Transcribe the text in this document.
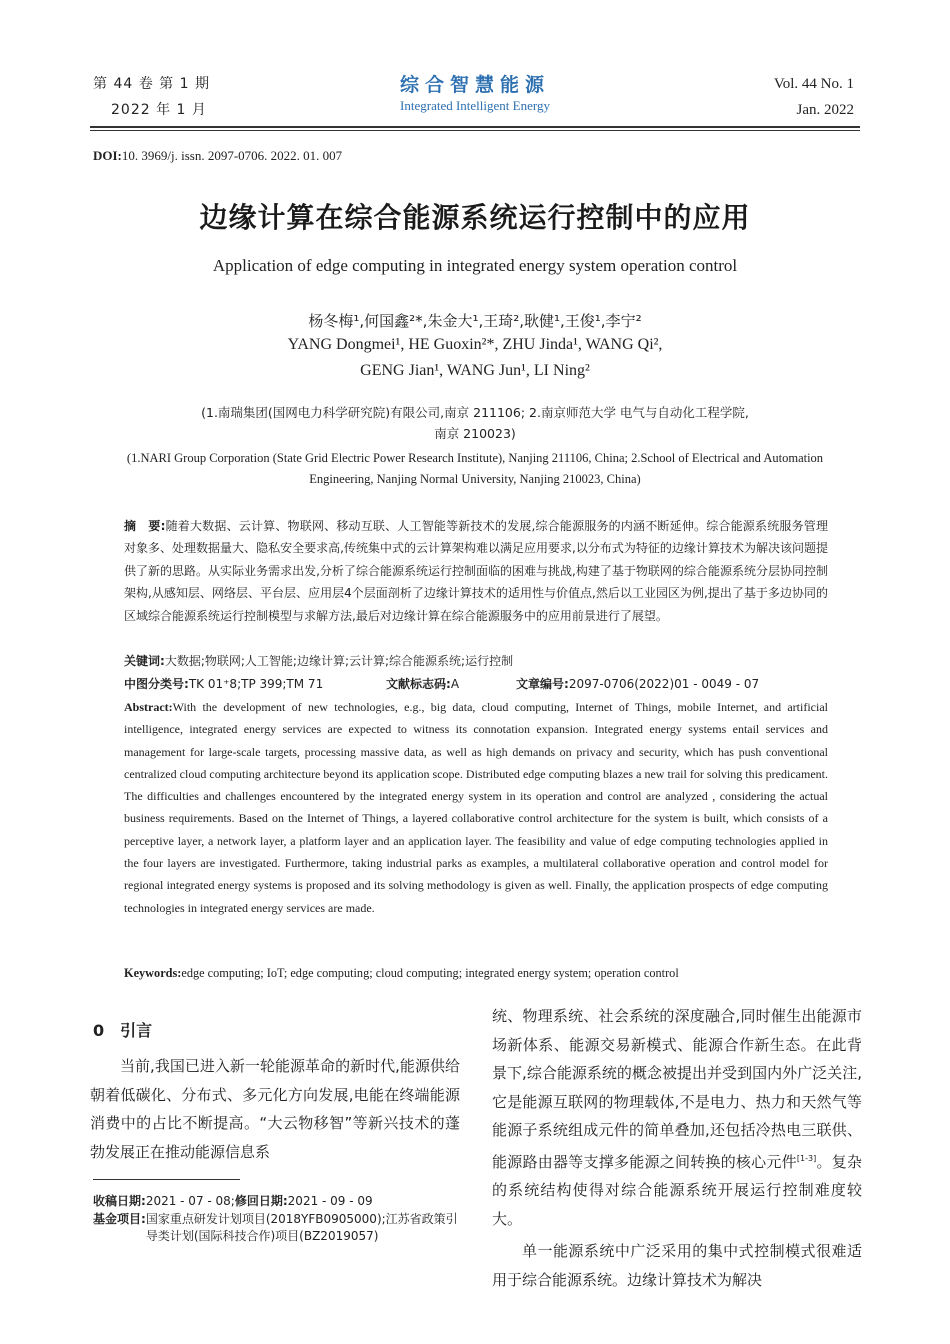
第 44 卷 第 1 期
2022 年 1 月
综合智慧能源
Integrated Intelligent Energy
Vol. 44 No. 1
Jan. 2022
DOI:10. 3969/j. issn. 2097-0706. 2022. 01. 007
边缘计算在综合能源系统运行控制中的应用
Application of edge computing in integrated energy system operation control
杨冬梅¹,何国鑫²*,朱金大¹,王琦²,耿健¹,王俊¹,李宁²
YANG Dongmei¹, HE Guoxin²*, ZHU Jinda¹, WANG Qi²,
GENG Jian¹, WANG Jun¹, LI Ning²
(1.南瑞集团(国网电力科学研究院)有限公司,南京 211106; 2.南京师范大学 电气与自动化工程学院,
南京 210023)
(1.NARI Group Corporation (State Grid Electric Power Research Institute), Nanjing 211106, China; 2.School of Electrical and Automation Engineering, Nanjing Normal University, Nanjing 210023, China)
摘　要:随着大数据、云计算、物联网、移动互联、人工智能等新技术的发展,综合能源服务的内涵不断延伸。综合能源系统服务管理对象多、处理数据量大、隐私安全要求高,传统集中式的云计算架构难以满足应用要求,以分布式为特征的边缘计算技术为解决该问题提供了新的思路。从实际业务需求出发,分析了综合能源系统运行控制面临的困难与挑战,构建了基于物联网的综合能源系统分层协同控制架构,从感知层、网络层、平台层、应用层4个层面剖析了边缘计算技术的适用性与价值点,然后以工业园区为例,提出了基于多边协同的区域综合能源系统运行控制模型与求解方法,最后对边缘计算在综合能源服务中的应用前景进行了展望。
关键词:大数据;物联网;人工智能;边缘计算;云计算;综合能源系统;运行控制
中图分类号:TK 01⁺8;TP 399;TM 71	文献标志码:A	文章编号:2097-0706(2022)01 - 0049 - 07
Abstract:With the development of new technologies, e.g., big data, cloud computing, Internet of Things, mobile Internet, and artificial intelligence, integrated energy services are expected to witness its connotation expansion. Integrated energy systems entail services and management for large-scale targets, processing massive data, as well as high demands on privacy and security, which has push conventional centralized cloud computing architecture beyond its application scope. Distributed edge computing blazes a new trail for solving this predicament. The difficulties and challenges encountered by the integrated energy system in its operation and control are analyzed , considering the actual business requirements. Based on the Internet of Things, a layered collaborative control architecture for the system is built, which consists of a perceptive layer, a network layer, a platform layer and an application layer. The feasibility and value of edge computing technologies applied in the four layers are investigated. Furthermore, taking industrial parks as examples, a multilateral collaborative operation and control model for regional integrated energy systems is proposed and its solving methodology is given as well. Finally, the application prospects of edge computing technologies in integrated energy services are made.
Keywords:edge computing; IoT; edge computing; cloud computing; integrated energy system; operation control
0　引言
当前,我国已进入新一轮能源革命的新时代,能源供给朝着低碳化、分布式、多元化方向发展,电能在终端能源消费中的占比不断提高。“大云物移智”等新兴技术的蓬勃发展正在推动能源信息系
收稿日期:2021 - 07 - 08;修回日期:2021 - 09 - 09
基金项目: 国家重点研发计划项目(2018YFB0905000);江苏省政策引导类计划(国际科技合作)项目(BZ2019057)
统、物理系统、社会系统的深度融合,同时催生出能源市场新体系、能源交易新模式、能源合作新生态。在此背景下,综合能源系统的概念被提出并受到国内外广泛关注,它是能源互联网的物理载体,不是电力、热力和天然气等能源子系统组成元件的简单叠加,还包括冷热电三联供、能源路由器等支撑多能源之间转换的核心元件[1-3]。复杂的系统结构使得对综合能源系统开展运行控制难度较大。
单一能源系统中广泛采用的集中式控制模式很难适用于综合能源系统。边缘计算技术为解决
